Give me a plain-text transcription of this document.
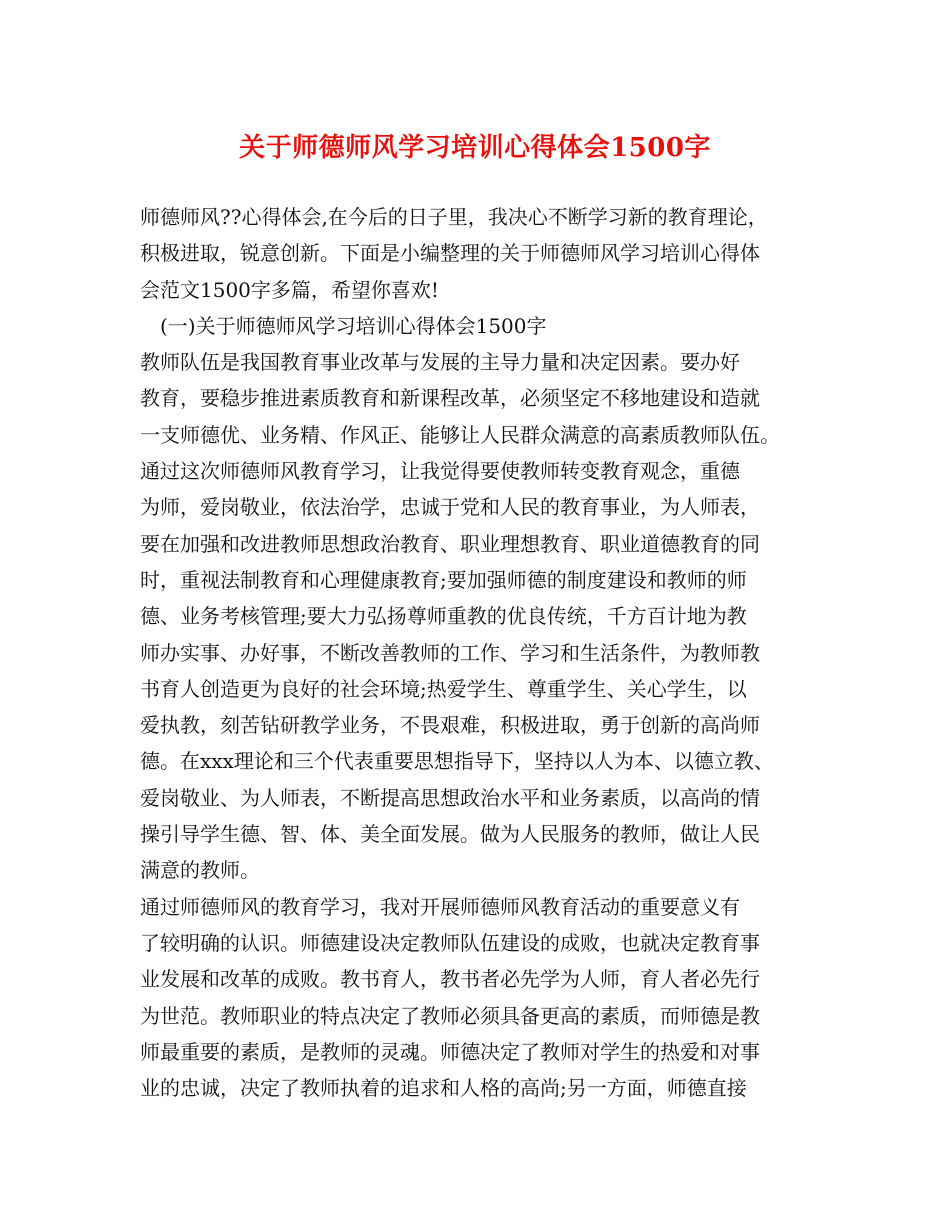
关于师德师风学习培训心得体会1500字
师德师风??心得体会,在今后的日子里，我决心不断学习新的教育理论，
积极进取，锐意创新。下面是小编整理的关于师德师风学习培训心得体
会范文1500字多篇，希望你喜欢!
　(一)关于师德师风学习培训心得体会1500字
教师队伍是我国教育事业改革与发展的主导力量和决定因素。要办好
教育，要稳步推进素质教育和新课程改革，必须坚定不移地建设和造就
一支师德优、业务精、作风正、能够让人民群众满意的高素质教师队伍。
通过这次师德师风教育学习，让我觉得要使教师转变教育观念，重德
为师，爱岗敬业，依法治学，忠诚于党和人民的教育事业，为人师表，
要在加强和改进教师思想政治教育、职业理想教育、职业道德教育的同
时，重视法制教育和心理健康教育;要加强师德的制度建设和教师的师
德、业务考核管理;要大力弘扬尊师重教的优良传统，千方百计地为教
师办实事、办好事，不断改善教师的工作、学习和生活条件，为教师教
书育人创造更为良好的社会环境;热爱学生、尊重学生、关心学生，以
爱执教，刻苦钻研教学业务，不畏艰难，积极进取，勇于创新的高尚师
德。在xxx理论和三个代表重要思想指导下，坚持以人为本、以德立教、
爱岗敬业、为人师表，不断提高思想政治水平和业务素质，以高尚的情
操引导学生德、智、体、美全面发展。做为人民服务的教师，做让人民
满意的教师。
通过师德师风的教育学习，我对开展师德师风教育活动的重要意义有
了较明确的认识。师德建设决定教师队伍建设的成败，也就决定教育事
业发展和改革的成败。教书育人，教书者必先学为人师，育人者必先行
为世范。教师职业的特点决定了教师必须具备更高的素质，而师德是教
师最重要的素质，是教师的灵魂。师德决定了教师对学生的热爱和对事
业的忠诚，决定了教师执着的追求和人格的高尚;另一方面，师德直接
